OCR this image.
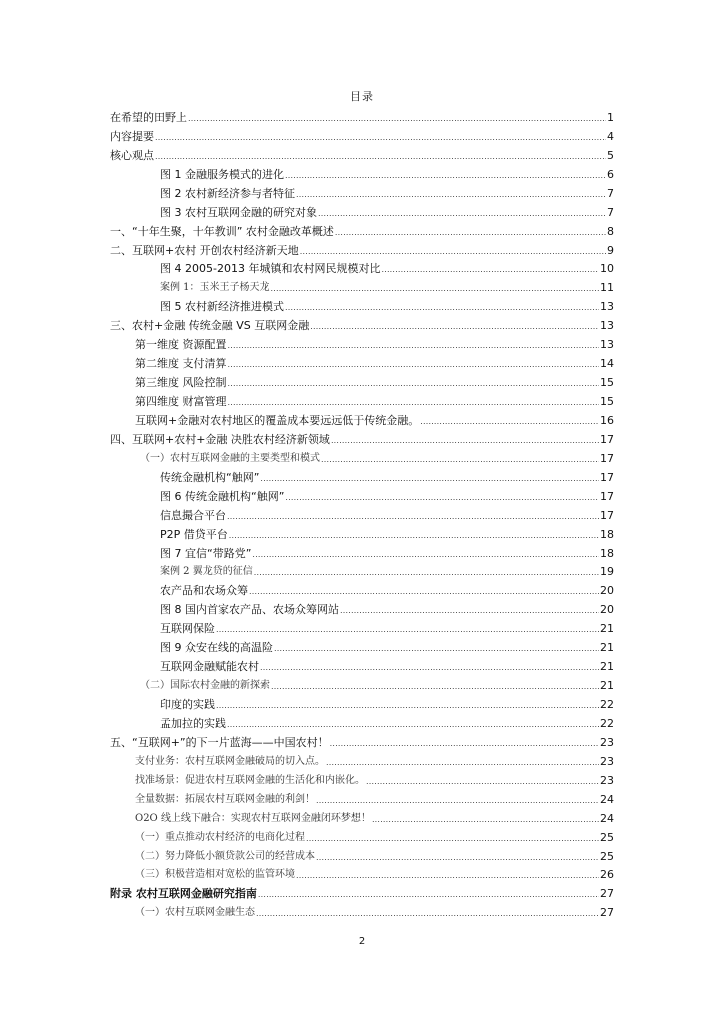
目录
在希望的田野上 .....	1
内容提要 .....	4
核心观点 .....	5
图 1 金融服务模式的进化 .....	6
图 2 农村新经济参与者特征 .....	7
图 3 农村互联网金融的研究对象 .....	7
一、“十年生聚，十年教训” 农村金融改革概述 .....	8
二、互联网+农村 开创农村经济新天地 .....	9
图 4 2005-2013 年城镇和农村网民规模对比 .....	10
案例 1：玉米王子杨天龙 .....	11
图 5 农村新经济推进模式 .....	13
三、农村+金融 传统金融 VS 互联网金融 .....	13
第一维度 资源配置 .....	13
第二维度 支付清算 .....	14
第三维度 风险控制 .....	15
第四维度 财富管理 .....	15
互联网+金融对农村地区的覆盖成本要远远低于传统金融。 .....	16
四、互联网+农村+金融 决胜农村经济新领域 .....	17
（一）农村互联网金融的主要类型和模式 .....	17
传统金融机构“触网” .....	17
图 6 传统金融机构“触网” .....	17
信息撮合平台 .....	17
P2P 借贷平台 .....	18
图 7 宜信“带路党” .....	18
案例 2 翼龙贷的征信 .....	19
农产品和农场众筹 .....	20
图 8 国内首家农产品、农场众筹网站 .....	20
互联网保险 .....	21
图 9 众安在线的高温险 .....	21
互联网金融赋能农村 .....	21
（二）国际农村金融的新探索 .....	21
印度的实践 .....	22
孟加拉的实践 .....	22
五、“互联网+”的下一片蓝海——中国农村！ .....	23
支付业务：农村互联网金融破局的切入点。 .....	23
找准场景：促进农村互联网金融的生活化和内嵌化。 .....	23
全量数据：拓展农村互联网金融的利剑！ .....	24
O2O 线上线下融合：实现农村互联网金融闭环梦想！ .....	24
（一）重点推动农村经济的电商化过程 .....	25
（二）努力降低小额贷款公司的经营成本 .....	25
（三）积极营造相对宽松的监管环境 .....	26
附录 农村互联网金融研究指南 .....	27
（一）农村互联网金融生态 .....	27
2
